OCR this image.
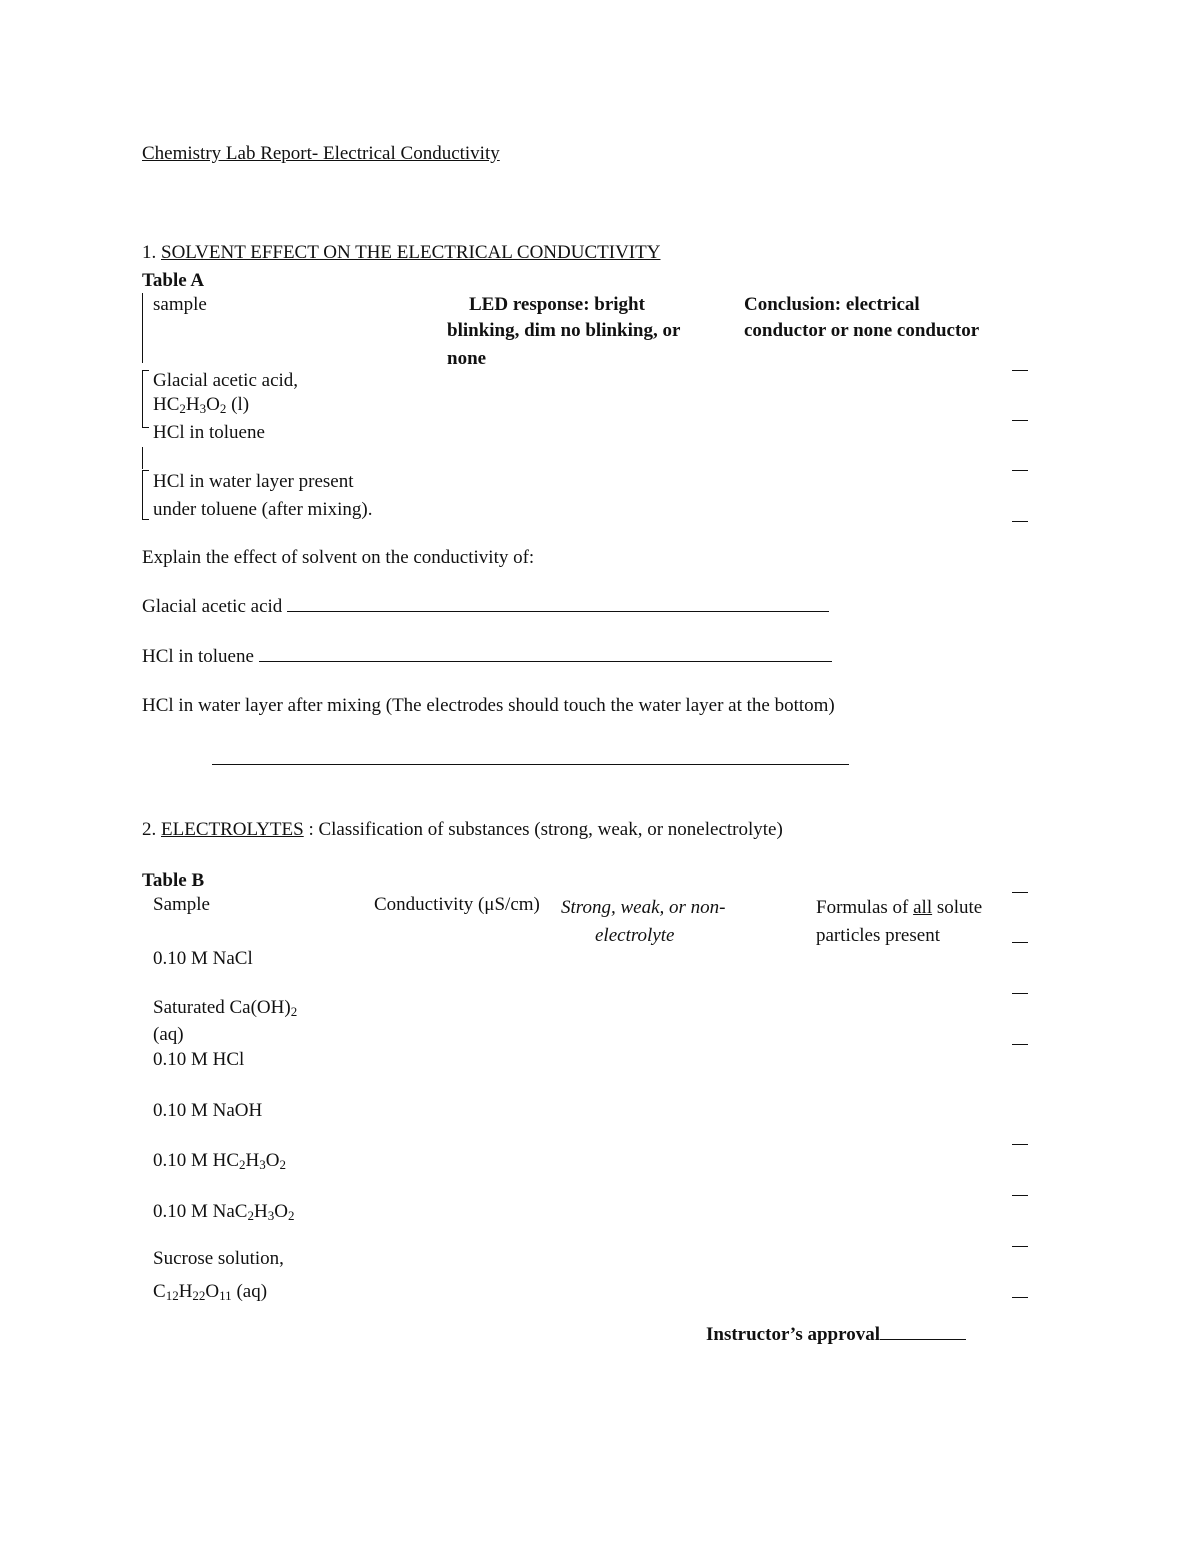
Chemistry Lab Report- Electrical Conductivity
1. SOLVENT EFFECT ON THE ELECTRICAL CONDUCTIVITY
Table A
sample	LED response: bright
blinking, dim no blinking, or
none
Conclusion: electrical
conductor or none conductor
Glacial acetic acid,
$HC_2H_3O_2$ (l)
HCl in toluene
HCl in water layer present
under toluene (after mixing).
Explain the effect of solvent on the conductivity of:
Glacial acetic acid
HCl in toluene
HCl in water layer after mixing (The electrodes should touch the water layer at the bottom)
2. ELECTROLYTES : Classification of substances (strong, weak, or nonelectrolyte)
Table B
Sample	Conductivity (μS/cm) Strong, weak, or non-
electrolyte
Formulas of all solute
particles present
0.10 M NaCl
Saturated $Ca(OH)_2$
(aq)
0.10 M HCl
0.10 M NaOH
0.10 M $HC_2H_3O_2$
0.10 M $NaC_2H_3O_2$
Sucrose solution,
$C_{12}H_{22}O_{11}$ (aq)
Instructor’s approval
